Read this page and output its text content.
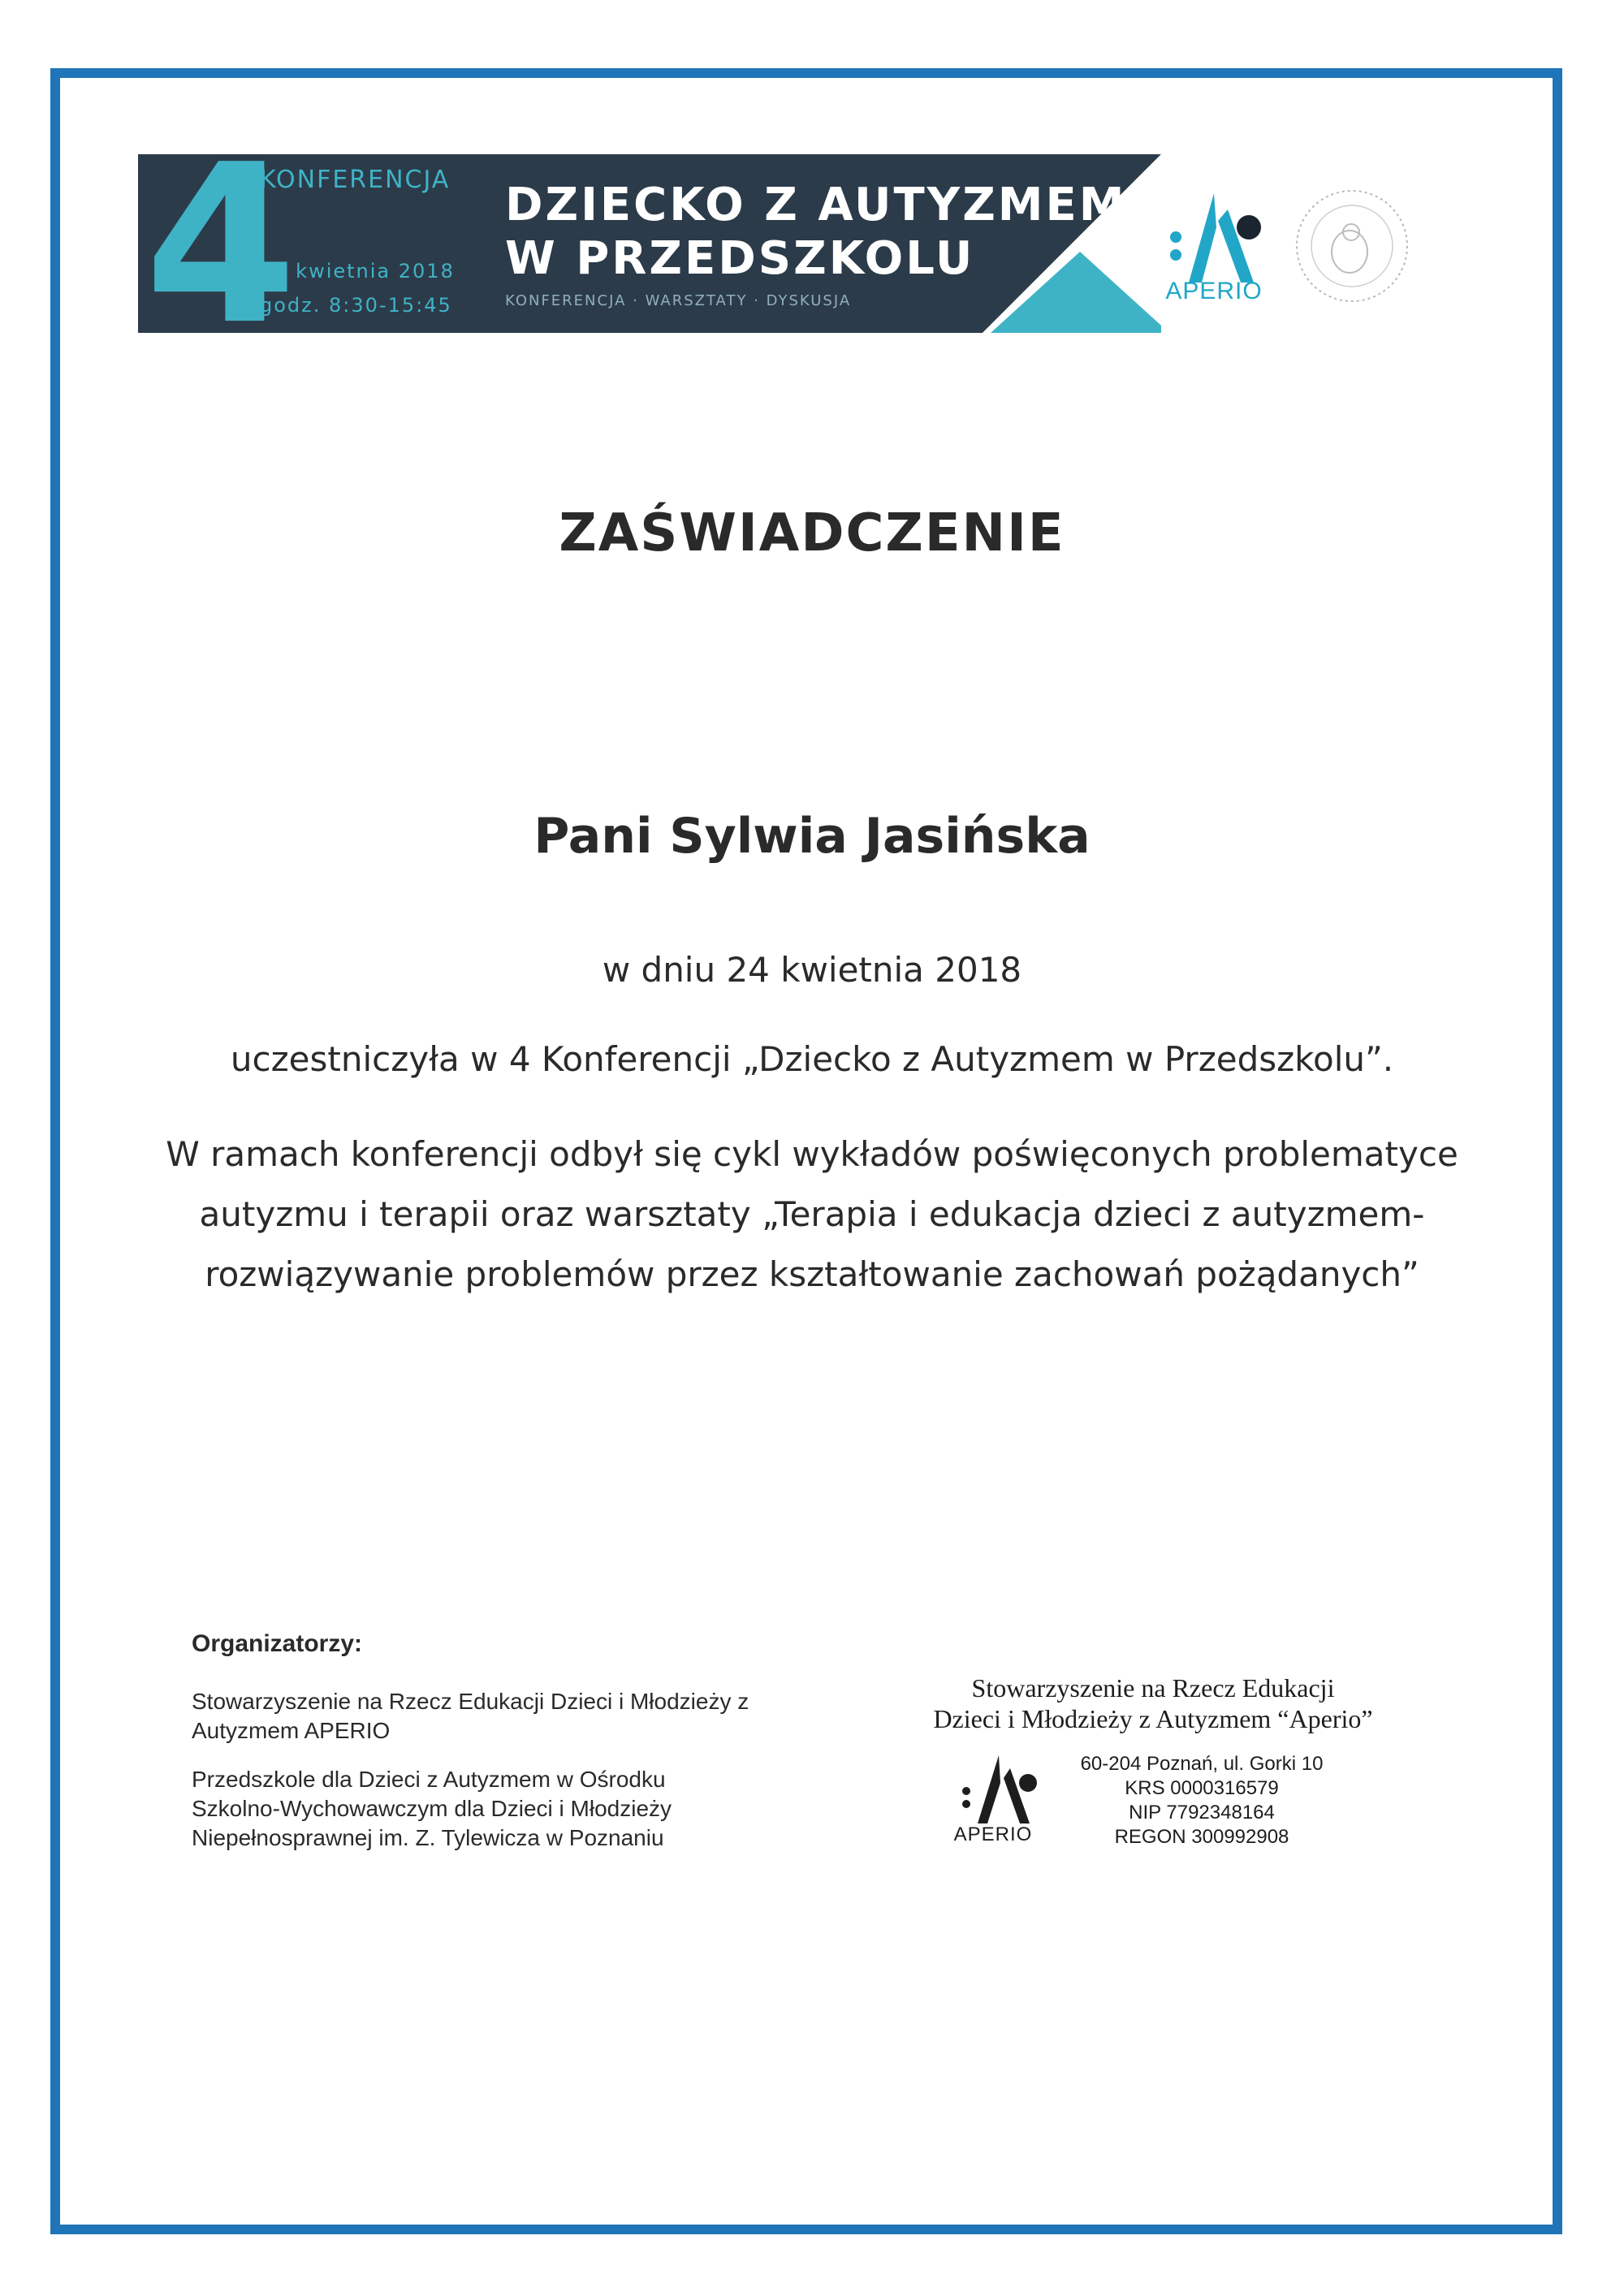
4
KONFERENCJA
24 kwietnia 2018
godz. 8:30-15:45
DZIECKO Z AUTYZMEM
W PRZEDSZKOLU
KONFERENCJA · WARSZTATY · DYSKUSJA	APERIO
ZAŚWIADCZENIE
Pani Sylwia Jasińska
w dniu 24 kwietnia 2018
uczestniczyła w 4 Konferencji „Dziecko z Autyzmem w Przedszkolu”.
W ramach konferencji odbył się cykl wykładów poświęconych problematyce autyzmu i terapii oraz warsztaty „Terapia i edukacja dzieci z autyzmem- rozwiązywanie problemów przez kształtowanie zachowań pożądanych”
Organizatorzy:

Stowarzyszenie na Rzecz Edukacji Dzieci i Młodzieży z Autyzmem APERIO

Przedszkole dla Dzieci z Autyzmem w Ośrodku Szkolno-Wychowawczym dla Dzieci i Młodzieży Niepełnosprawnej im. Z. Tylewicza w Poznaniu

Stowarzyszenie na Rzecz Edukacji
Dzieci i Młodzieży z Autyzmem “Aperio”
APERIO
60-204 Poznań, ul. Gorki 10
KRS 0000316579
NIP 7792348164
REGON 300992908
